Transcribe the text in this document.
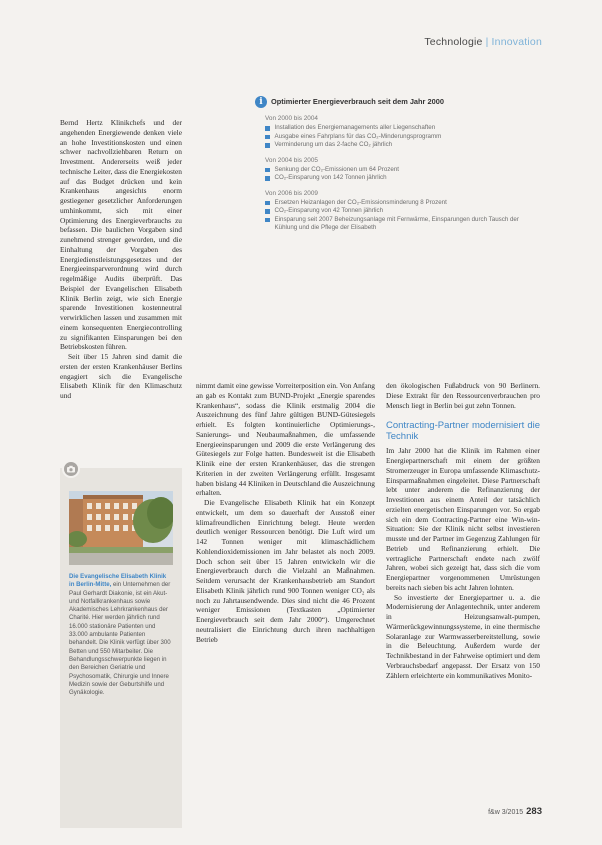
Technologie | Innovation

Bernd Hertz Klinikchefs und der angehenden Energiewende denken viele an hohe Investitionskosten und einen schwer nachvollziehbaren Return on Investment. Andererseits weiß jeder technische Leiter, dass die Energiekosten auf das Budget drücken und kein Krankenhaus angesichts enorm gestiegener gesetzlicher Anforderungen umhinkommt, sich mit einer Optimierung des Energieverbrauchs zu befassen. Die baulichen Vorgaben sind zunehmend strenger geworden, und die Einhaltung der Vorgaben des Energiedienstleistungsgesetzes und der Energieeinsparverordnung wird durch regelmäßige Audits überprüft. Das Beispiel der Evangelischen Elisabeth Klinik Berlin zeigt, wie sich Energie sparende Investitionen kostenneutral verwirklichen lassen und zusammen mit einem konsequenten Energiecontrolling zu signifikanten Einsparungen bei den Betriebskosten führen.

Seit über 15 Jahren sind damit die ersten der ersten Krankenhäuser Berlins engagiert sich die Evangelische Elisabeth Klinik für den Klimaschutz und

i	Optimierter Energieverbrauch seit dem Jahr 2000
Von 2000 bis 2004
Installation des Energiemanagements aller Liegenschaften
Ausgabe eines Fahrplans für das CO₂-Minderungsprogramm
Verminderung um das 2-fache CO₂ jährlich
Von 2004 bis 2005
Senkung der CO₂-Emissionen um 64 Prozent
CO₂-Einsparung von 142 Tonnen jährlich
Von 2006 bis 2009
Ersetzen Heizanlagen der CO₂-Emissionsminderung 8 Prozent
CO₂-Einsparung von 42 Tonnen jährlich
Einsparung seit 2007 Beheizungsanlage mit Fernwärme, Einsparungen durch Tausch der Kühlung und die Pflege der Elisabeth

nimmt damit eine gewisse Vorreiterposition ein. Von Anfang an gab es Kontakt zum BUND-Projekt „Energie sparendes Krankenhaus“, sodass die Klinik erstmalig 2004 die Auszeichnung des fünf Jahre gültigen BUND-Gütesiegels erhielt. Es folgten kontinuierliche Optimierungs-, Sanierungs- und Neubaumaßnahmen, die umfassende Energieeinsparungen und 2009 die erste Verlängerung des Gütesiegels zur Folge hatten. Bundesweit ist die Elisabeth Klinik eine der ersten Krankenhäuser, das die strengen Kriterien in der zweiten Verlängerung erfüllt. Insgesamt haben bislang 44 Kliniken in Deutschland die Auszeichnung erhalten.

Die Evangelische Elisabeth Klinik hat ein Konzept entwickelt, um dem so dauerhaft der Ausstoß einer klimafreundlichen Einrichtung belegt. Heute werden deutlich weniger Ressourcen benötigt. Die Luft wird um 142 Tonnen weniger mit klimaschädlichem Kohlendioxidemissionen im Jahr belastet als noch 2009. Doch schon seit über 15 Jahren entwickeln wir die Energieverbrauch durch die Vielzahl an Maßnahmen. Seitdem verursacht der Krankenhausbetrieb am Standort Elisabeth Klinik jährlich rund 900 Tonnen weniger CO₂ als noch zu Jahrtausendwende. Dies sind nicht die 46 Prozent weniger Emissionen (Textkasten „Optimierter Energieverbrauch seit dem Jahr 2000“). Umgerechnet neutralisiert die Einrichtung durch ihren nachhaltigen Betrieb

den ökologischen Fußabdruck von 90 Berlinern. Diese Extrakt für den Ressourcenverbrauchen pro Mensch liegt in Berlin bei gut zehn Tonnen.

Contracting-Partner modernisiert die Technik

Im Jahr 2000 hat die Klinik im Rahmen einer Energiepartnerschaft mit einem der größten Stromerzeuger in Europa umfassende Klimaschutz-Einsparmaßnahmen eingeleitet. Diese Partnerschaft lebt unter anderem die Refinanzierung der Investitionen aus einem Anteil der tatsächlich erzielten energetischen Einsparungen vor. So ergab sich ein dem Contracting-Partner eine Win-win-Situation: Sie der Klinik nicht selbst investieren musste und der Partner im Gegenzug Zahlungen für Betrieb und Refinanzierung erhielt. Die vertragliche Partnerschaft endete nach zwölf Jahren, wobei sich gezeigt hat, dass sich die vom Energiepartner vorgenommenen Umrüstungen bereits nach sieben bis acht Jahren lohnten.

So investierte der Energiepartner u. a. die Modernisierung der Anlagentechnik, unter anderem in Heizungsanwalt-pumpen, Wärmerückgewinnungssysteme, in eine thermische Solaranlage zur Warmwasserbereitstellung, sowie in die Beleuchtung. Außerdem wurde der Technikbestand in der Fahrweise optimiert und dem Verbrauchsbedarf angepasst. Der Ersatz von 150 Zählern erleichterte ein kommunikatives Monito-

Die Evangelische Elisabeth Klinik in Berlin-Mitte, ein Unternehmen der Paul Gerhardt Diakonie, ist ein Akut- und Notfallkrankenhaus sowie Akademisches Lehrkrankenhaus der Charité. Hier werden jährlich rund 16.000 stationäre Patienten und 33.000 ambulante Patienten behandelt. Die Klinik verfügt über 300 Betten und 550 Mitarbeiter. Die Behandlungsschwerpunkte liegen in den Bereichen Geriatrie und Psychosomatik, Chirurgie und Innere Medizin sowie der Geburtshilfe und Gynäkologie.
f&w 3/2015 283
